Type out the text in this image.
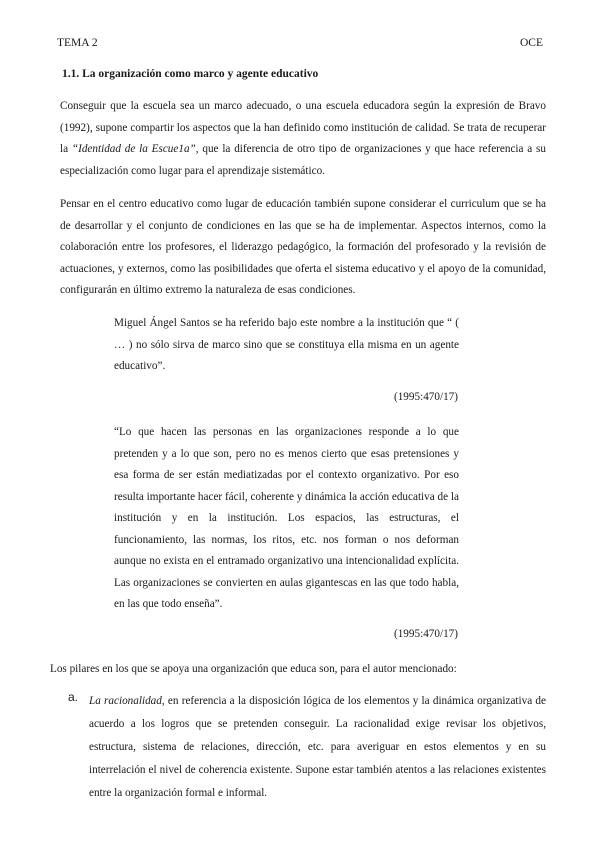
TEMA 2	OCE
1.1. La organización como marco y agente educativo

Conseguir que la escuela sea un marco adecuado, o una escuela educadora según la expresión de Bravo (1992), supone compartir los aspectos que la han definido como institución de calidad. Se trata de recuperar la “Identidad de la Escue1a”, que la diferencia de otro tipo de organizaciones y que hace referencia a su especialización como lugar para el aprendizaje sistemático.

Pensar en el centro educativo como lugar de educación también supone considerar el curriculum que se ha de desarrollar y el conjunto de condiciones en las que se ha de implementar. Aspectos internos, como la colaboración entre los profesores, el liderazgo pedagógico, la formación del profesorado y la revisión de actuaciones, y externos, como las posibilidades que oferta el sistema educativo y el apoyo de la comunidad, configurarán en último extremo la naturaleza de esas condiciones.

Miguel Ángel Santos se ha referido bajo este nombre a la institución que “ ( … ) no sólo sirva de marco sino que se constituya ella misma en un agente educativo”.

(1995:470/17)

“Lo que hacen las personas en las organizaciones responde a lo que pretenden y a lo que son, pero no es menos cierto que esas pretensiones y esa forma de ser están mediatizadas por el contexto organizativo. Por eso resulta importante hacer fácil, coherente y dinámica la acción educativa de la institución y en la institución. Los espacios, las estructuras, el funcionamiento, las normas, los ritos, etc. nos forman o nos deforman aunque no exista en el entramado organizativo una intencionalidad explícita. Las organizaciones se convierten en aulas gigantescas en las que todo habla, en las que todo enseña”.

(1995:470/17)

Los pilares en los que se apoya una organización que educa son, para el autor mencionado:

a. La racionalidad, en referencia a la disposición lógica de los elementos y la dinámica organizativa de acuerdo a los logros que se pretenden conseguir. La racionalidad exige revisar los objetivos, estructura, sistema de relaciones, dirección, etc. para averiguar en estos elementos y en su interrelación el nivel de coherencia existente. Supone estar también atentos a las relaciones existentes entre la organización formal e informal.
